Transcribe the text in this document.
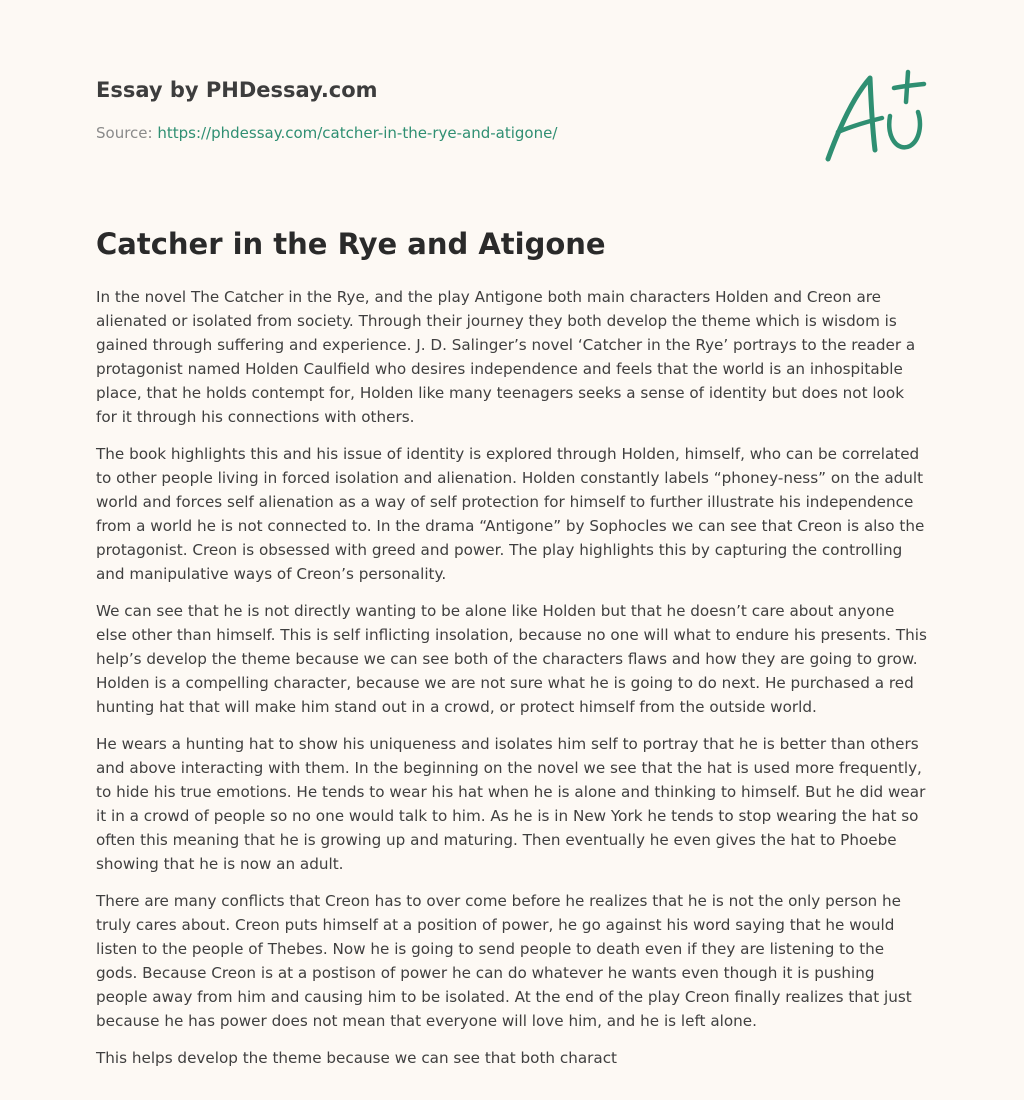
Essay by PHDessay.com
Source: https://phdessay.com/catcher-in-the-rye-and-atigone/
Catcher in the Rye and Atigone

In the novel The Catcher in the Rye, and the play Antigone both main characters Holden and Creon are alienated or isolated from society. Through their journey they both develop the theme which is wisdom is gained through suffering and experience. J. D. Salinger’s novel ‘Catcher in the Rye’ portrays to the reader a protagonist named Holden Caulfield who desires independence and feels that the world is an inhospitable place, that he holds contempt for, Holden like many teenagers seeks a sense of identity but does not look for it through his connections with others.

The book highlights this and his issue of identity is explored through Holden, himself, who can be correlated to other people living in forced isolation and alienation. Holden constantly labels “phoney-ness” on the adult world and forces self alienation as a way of self protection for himself to further illustrate his independence from a world he is not connected to. In the drama “Antigone” by Sophocles we can see that Creon is also the protagonist. Creon is obsessed with greed and power. The play highlights this by capturing the controlling and manipulative ways of Creon’s personality.

We can see that he is not directly wanting to be alone like Holden but that he doesn’t care about anyone else other than himself. This is self inflicting insolation, because no one will what to endure his presents. This help’s develop the theme because we can see both of the characters flaws and how they are going to grow. Holden is a compelling character, because we are not sure what he is going to do next. He purchased a red hunting hat that will make him stand out in a crowd, or protect himself from the outside world.

He wears a hunting hat to show his uniqueness and isolates him self to portray that he is better than others and above interacting with them. In the beginning on the novel we see that the hat is used more frequently, to hide his true emotions. He tends to wear his hat when he is alone and thinking to himself. But he did wear it in a crowd of people so no one would talk to him. As he is in New York he tends to stop wearing the hat so often this meaning that he is growing up and maturing. Then eventually he even gives the hat to Phoebe showing that he is now an adult.

There are many conflicts that Creon has to over come before he realizes that he is not the only person he truly cares about. Creon puts himself at a position of power, he go against his word saying that he would listen to the people of Thebes. Now he is going to send people to death even if they are listening to the gods. Because Creon is at a postison of power he can do whatever he wants even though it is pushing people away from him and causing him to be isolated. At the end of the play Creon finally realizes that just because he has power does not mean that everyone will love him, and he is left alone.

This helps develop the theme because we can see that both charact
